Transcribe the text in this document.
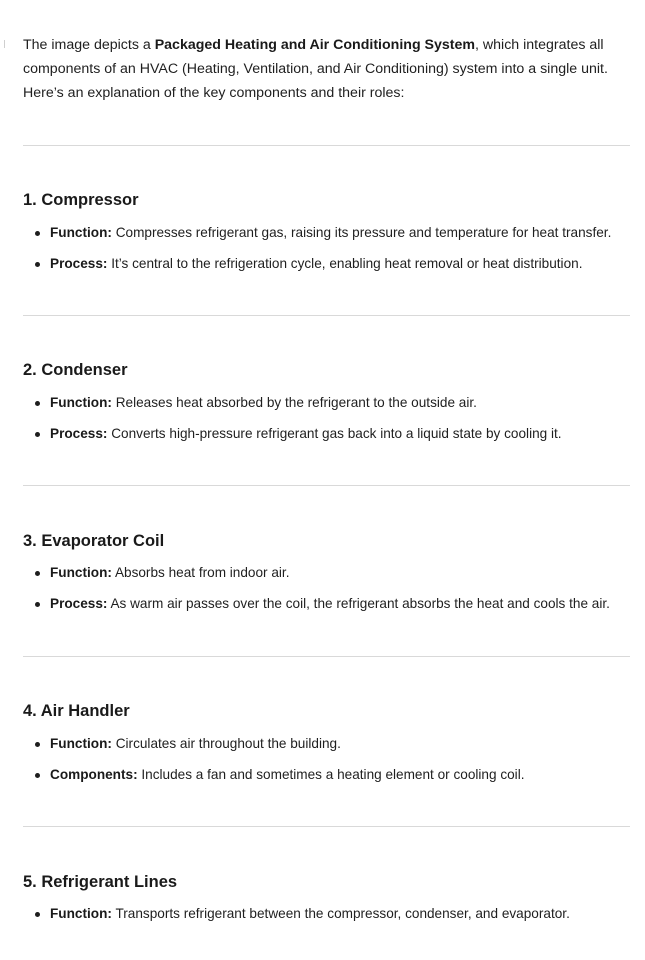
The image depicts a Packaged Heating and Air Conditioning System, which integrates all components of an HVAC (Heating, Ventilation, and Air Conditioning) system into a single unit. Here’s an explanation of the key components and their roles:

1. Compressor
Function: Compresses refrigerant gas, raising its pressure and temperature for heat transfer.
Process: It’s central to the refrigeration cycle, enabling heat removal or heat distribution.
2. Condenser
Function: Releases heat absorbed by the refrigerant to the outside air.
Process: Converts high-pressure refrigerant gas back into a liquid state by cooling it.
3. Evaporator Coil
Function: Absorbs heat from indoor air.
Process: As warm air passes over the coil, the refrigerant absorbs the heat and cools the air.
4. Air Handler
Function: Circulates air throughout the building.
Components: Includes a fan and sometimes a heating element or cooling coil.
5. Refrigerant Lines
Function: Transports refrigerant between the compressor, condenser, and evaporator.
